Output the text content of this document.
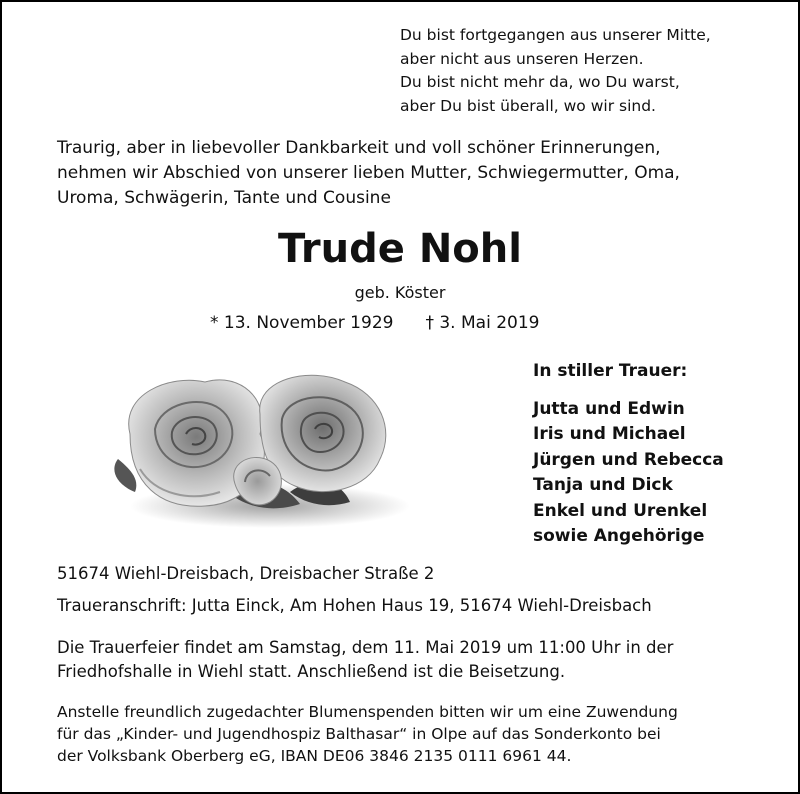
Du bist fortgegangen aus unserer Mitte,
aber nicht aus unseren Herzen.
Du bist nicht mehr da, wo Du warst,
aber Du bist überall, wo wir sind.
Traurig, aber in liebevoller Dankbarkeit und voll schöner Erinnerungen,
nehmen wir Abschied von unserer lieben Mutter, Schwiegermutter, Oma,
Uroma, Schwägerin, Tante und Cousine
Trude Nohl
geb. Köster
* 13. November 1929 † 3. Mai 2019
In stiller Trauer:
Jutta und Edwin
Iris und Michael
Jürgen und Rebecca
Tanja und Dick
Enkel und Urenkel
sowie Angehörige
51674 Wiehl-Dreisbach, Dreisbacher Straße 2
Traueranschrift: Jutta Einck, Am Hohen Haus 19, 51674 Wiehl-Dreisbach
Die Trauerfeier findet am Samstag, dem 11. Mai 2019 um 11:00 Uhr in der
Friedhofshalle in Wiehl statt. Anschließend ist die Beisetzung.
Anstelle freundlich zugedachter Blumenspenden bitten wir um eine Zuwendung
für das „Kinder- und Jugendhospiz Balthasar“ in Olpe auf das Sonderkonto bei
der Volksbank Oberberg eG, IBAN DE06 3846 2135 0111 6961 44.
